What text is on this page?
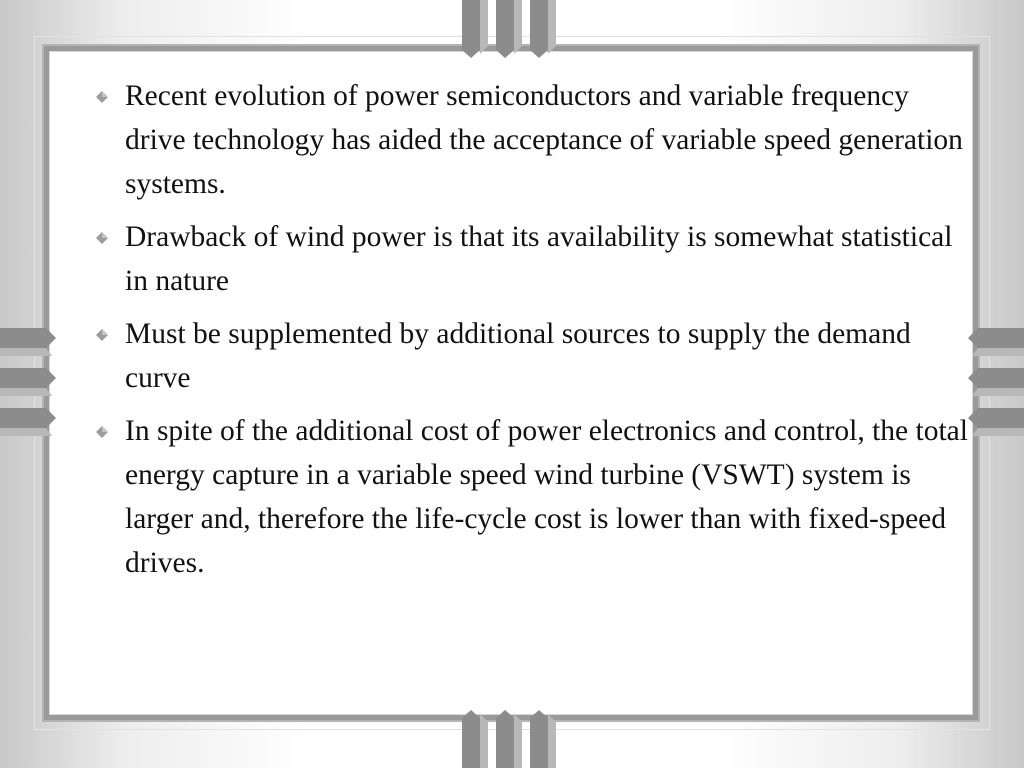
Recent evolution of power semiconductors and variable frequency drive technology has aided the acceptance of variable speed generation systems.
Drawback of wind power is that its availability is somewhat statistical in nature
Must be supplemented by additional sources to supply the demand curve
In spite of the additional cost of power electronics and control, the total energy capture in a variable speed wind turbine (VSWT) system is larger and, therefore the life-cycle cost is lower than with fixed-speed drives.
